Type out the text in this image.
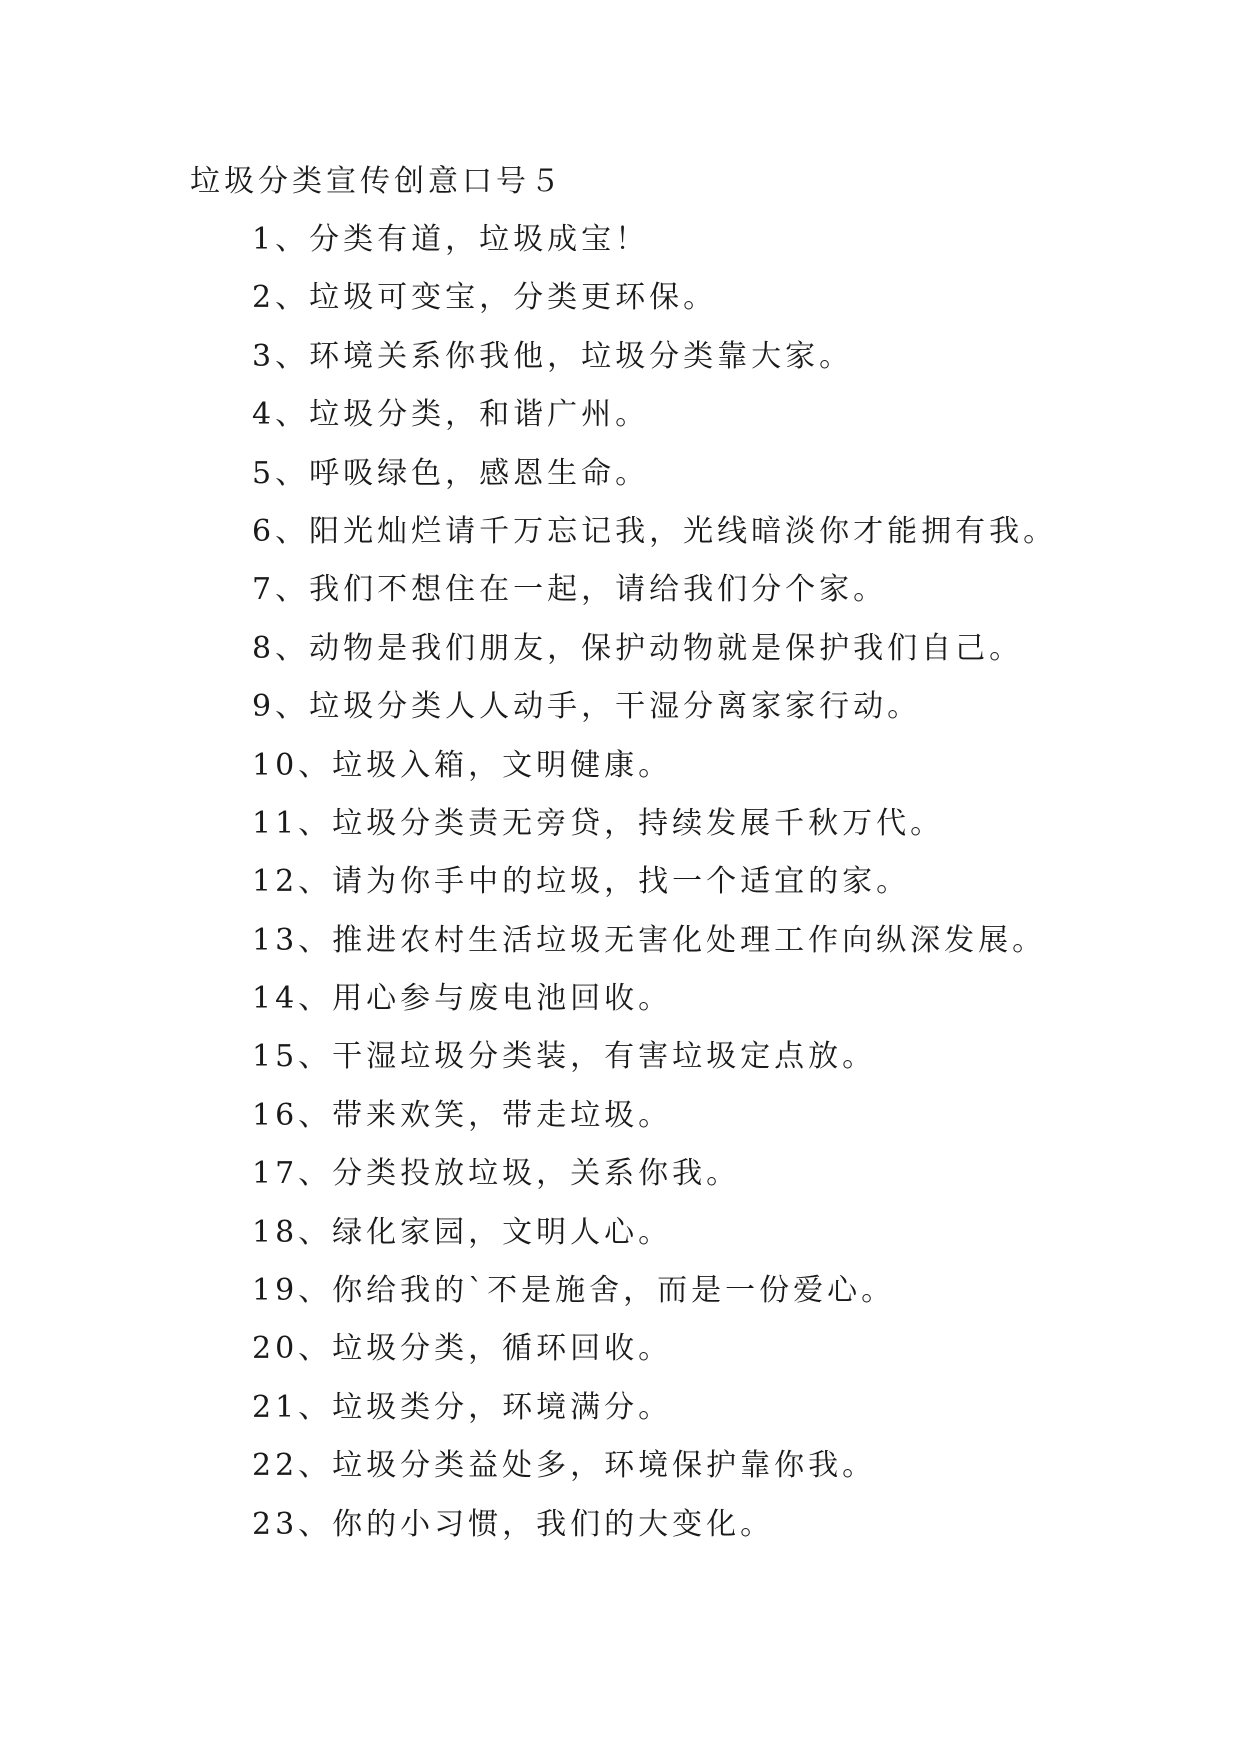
垃圾分类宣传创意口号５
1、分类有道，垃圾成宝！
2、垃圾可变宝，分类更环保。
3、环境关系你我他，垃圾分类靠大家。
4、垃圾分类，和谐广州。
5、呼吸绿色，感恩生命。
6、阳光灿烂请千万忘记我，光线暗淡你才能拥有我。
7、我们不想住在一起，请给我们分个家。
8、动物是我们朋友，保护动物就是保护我们自己。
9、垃圾分类人人动手，干湿分离家家行动。
10、垃圾入箱，文明健康。
11、垃圾分类责无旁贷，持续发展千秋万代。
12、请为你手中的垃圾，找一个适宜的家。
13、推进农村生活垃圾无害化处理工作向纵深发展。
14、用心参与废电池回收。
15、干湿垃圾分类装，有害垃圾定点放。
16、带来欢笑，带走垃圾。
17、分类投放垃圾，关系你我。
18、绿化家园，文明人心。
19、你给我的`不是施舍，而是一份爱心。
20、垃圾分类，循环回收。
21、垃圾类分，环境满分。
22、垃圾分类益处多，环境保护靠你我。
23、你的小习惯，我们的大变化。
